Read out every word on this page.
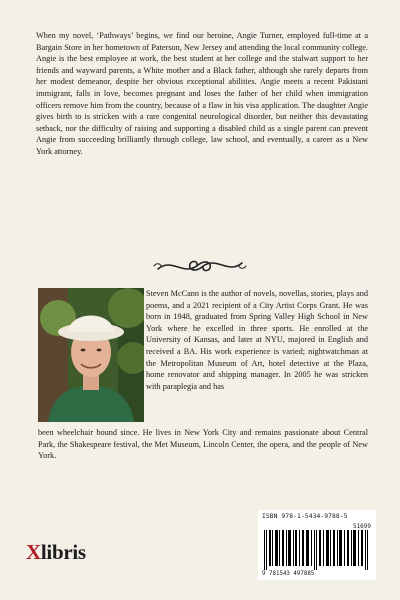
When my novel, ‘Pathways’ begins, we find our heroine, Angie Turner, employed full-time at a Bargain Store in her hometown of Paterson, New Jersey and attending the local community college. Angie is the best employee at work, the best student at her college and the stalwart support to her friends and wayward parents, a White mother and a Black father, although she rarely departs from her modest demeanor, despite her obvious exceptional abilities. Angie meets a recent Pakistani immigrant, falls in love, becomes pregnant and loses the father of her child when immigration officers remove him from the country, because of a flaw in his visa application. The daughter Angie gives birth to is stricken with a rare congenital neurological disorder, but neither this devastating setback, nor the difficulty of raising and supporting a disabled child as a single parent can prevent Angie from succeeding brilliantly through college, law school, and eventually, a career as a New York attorney.

Steven McCann is the author of novels, novellas, stories, plays and poems, and a 2021 recipient of a City Artist Corps Grant. He was born in 1948, graduated from Spring Valley High School in New York where he excelled in three sports. He enrolled at the University of Kansas, and later at NYU, majored in English and received a BA. His work experience is varied; nightwatchman at the Metropolitan Museum of Art, hotel detective at the Plaza, home renovator and shipping manager. In 2005 he was stricken with paraplegia and has

been wheelchair bound since. He lives in New York City and remains passionate about Central Park, the Shakespeare festival, the Met Museum, Lincoln Center, the opera, and the people of New York.

ISBN 978-1-5434-9788-5
51699
9 781543 497885
Xlibris
